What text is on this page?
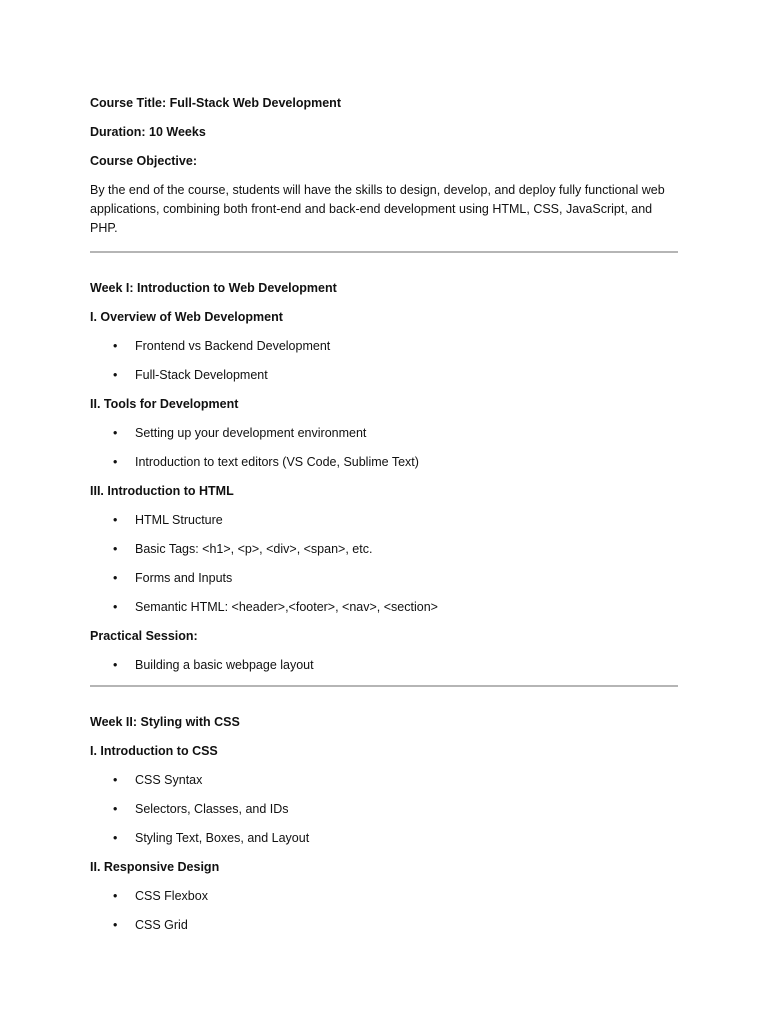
Course Title: Full-Stack Web Development

Duration: 10 Weeks

Course Objective:

By the end of the course, students will have the skills to design, develop, and deploy fully functional web applications, combining both front-end and back-end development using HTML, CSS, JavaScript, and PHP.

Week I: Introduction to Web Development

I. Overview of Web Development

• Frontend vs Backend Development
• Full-Stack Development

II. Tools for Development

• Setting up your development environment
• Introduction to text editors (VS Code, Sublime Text)

III. Introduction to HTML

• HTML Structure
• Basic Tags: <h1>, <p>, <div>, <span>, etc.
• Forms and Inputs
• Semantic HTML: <header>,<footer>, <nav>, <section>

Practical Session:

• Building a basic webpage layout

Week II: Styling with CSS

I. Introduction to CSS

• CSS Syntax
• Selectors, Classes, and IDs
• Styling Text, Boxes, and Layout

II. Responsive Design

• CSS Flexbox
• CSS Grid
